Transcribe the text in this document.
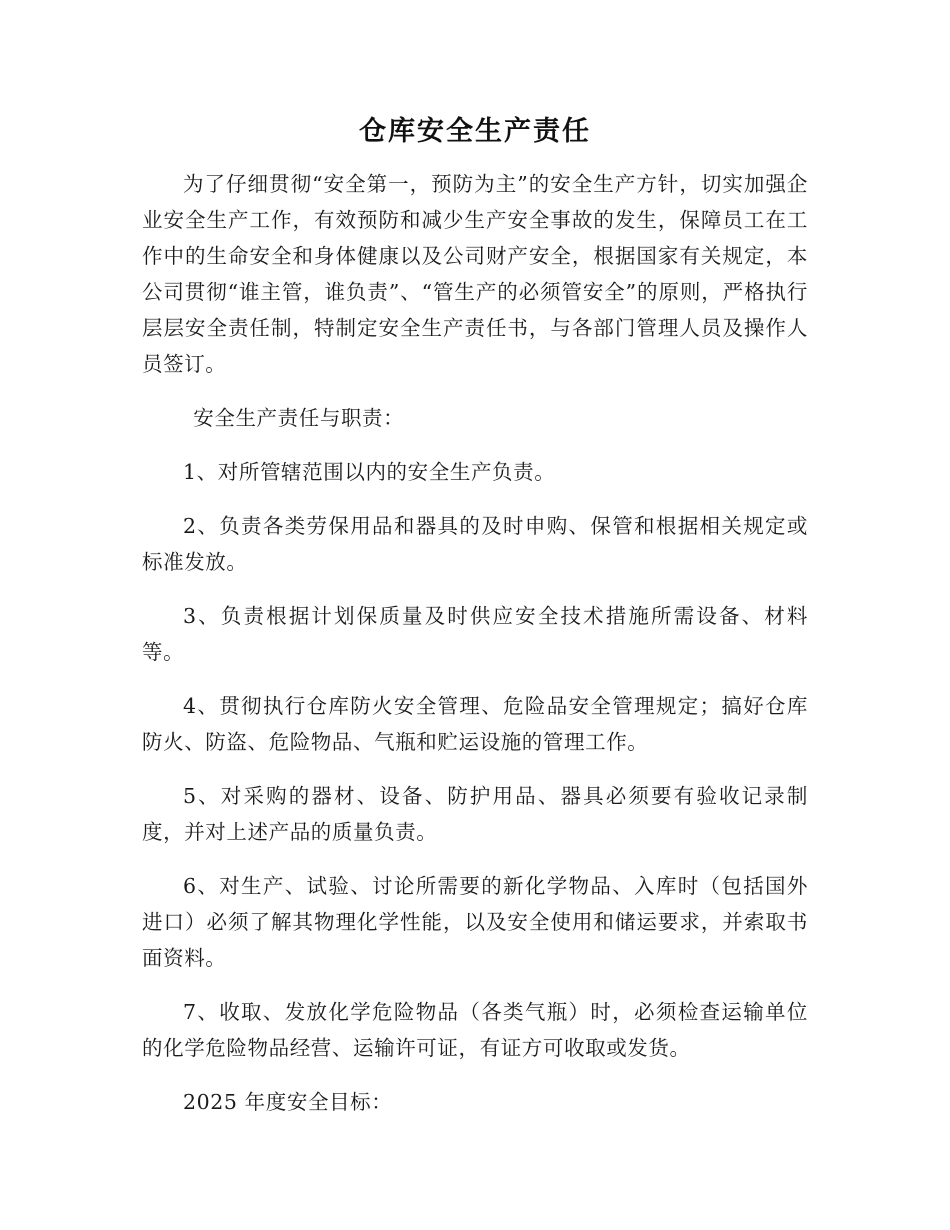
仓库安全生产责任

为了仔细贯彻“安全第一，预防为主”的安全生产方针，切实加强企业安全生产工作，有效预防和减少生产安全事故的发生，保障员工在工作中的生命安全和身体健康以及公司财产安全，根据国家有关规定，本公司贯彻“谁主管，谁负责”、“管生产的必须管安全”的原则，严格执行层层安全责任制，特制定安全生产责任书，与各部门管理人员及操作人员签订。

安全生产责任与职责：

1、对所管辖范围以内的安全生产负责。

2、负责各类劳保用品和器具的及时申购、保管和根据相关规定或标准发放。

3、负责根据计划保质量及时供应安全技术措施所需设备、材料等。

4、贯彻执行仓库防火安全管理、危险品安全管理规定；搞好仓库防火、防盗、危险物品、气瓶和贮运设施的管理工作。

5、对采购的器材、设备、防护用品、器具必须要有验收记录制度，并对上述产品的质量负责。

6、对生产、试验、讨论所需要的新化学物品、入库时（包括国外进口）必须了解其物理化学性能，以及安全使用和储运要求，并索取书面资料。

7、收取、发放化学危险物品（各类气瓶）时，必须检查运输单位的化学危险物品经营、运输许可证，有证方可收取或发货。

2025 年度安全目标：
